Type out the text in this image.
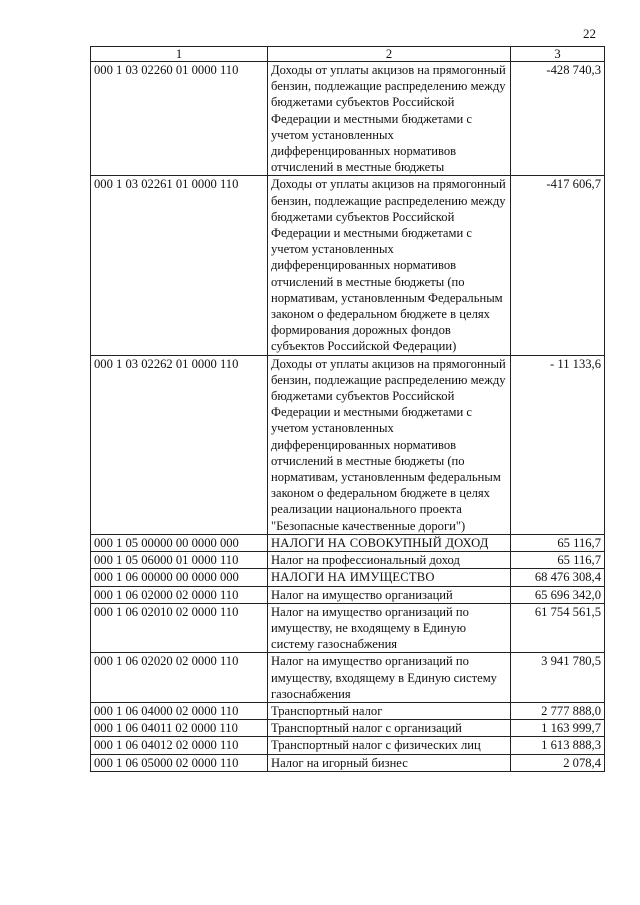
22
1	2	3
000 1 03 02260 01 0000 110	Доходы от уплаты акцизов на прямогонный бензин, подлежащие распределению между бюджетами субъектов Российской Федерации и местными бюджетами с учетом установленных дифференцированных нормативов отчислений в местные бюджеты	-428 740,3
000 1 03 02261 01 0000 110	Доходы от уплаты акцизов на прямогонный бензин, подлежащие распределению между бюджетами субъектов Российской Федерации и местными бюджетами с учетом установленных дифференцированных нормативов отчислений в местные бюджеты (по нормативам, установленным Федеральным законом о федеральном бюджете в целях формирования дорожных фондов субъектов Российской Федерации)	-417 606,7
000 1 03 02262 01 0000 110	Доходы от уплаты акцизов на прямогонный бензин, подлежащие распределению между бюджетами субъектов Российской Федерации и местными бюджетами с учетом установленных дифференцированных нормативов отчислений в местные бюджеты (по нормативам, установленным федеральным законом о федеральном бюджете в целях реализации национального проекта "Безопасные качественные дороги")	- 11 133,6
000 1 05 00000 00 0000 000	НАЛОГИ НА СОВОКУПНЫЙ ДОХОД	65 116,7
000 1 05 06000 01 0000 110	Налог на профессиональный доход	65 116,7
000 1 06 00000 00 0000 000	НАЛОГИ НА ИМУЩЕСТВО	68 476 308,4
000 1 06 02000 02 0000 110	Налог на имущество организаций	65 696 342,0
000 1 06 02010 02 0000 110	Налог на имущество организаций по имуществу, не входящему в Единую систему газоснабжения	61 754 561,5
000 1 06 02020 02 0000 110	Налог на имущество организаций по имуществу, входящему в Единую систему газоснабжения	3 941 780,5
000 1 06 04000 02 0000 110	Транспортный налог	2 777 888,0
000 1 06 04011 02 0000 110	Транспортный налог с организаций	1 163 999,7
000 1 06 04012 02 0000 110	Транспортный налог с физических лиц	1 613 888,3
000 1 06 05000 02 0000 110	Налог на игорный бизнес	2 078,4
